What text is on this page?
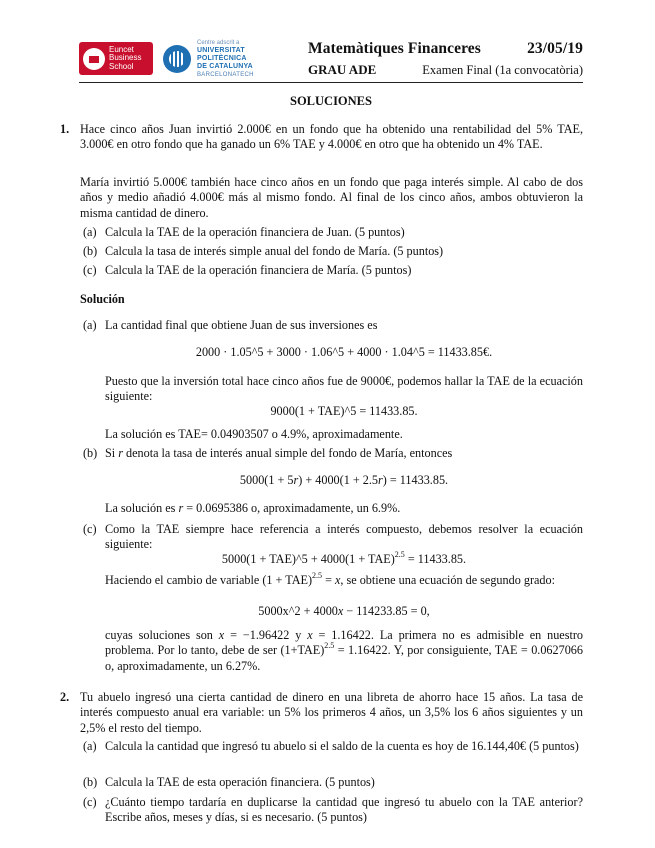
Euncet
Business
School
Centre adscrit a
UNIVERSITAT POLITÈCNICA
DE CATALUNYA
BARCELONATECH
Matemàtiques Financeres	23/05/19
GRAU ADE	Examen Final (1a convocatòria)
SOLUCIONES
1. Hace cinco años Juan invirtió 2.000€ en un fondo que ha obtenido una rentabilidad del 5% TAE, 3.000€ en otro fondo que ha ganado un 6% TAE y 4.000€ en otro que ha obtenido un 4% TAE.
María invirtió 5.000€ también hace cinco años en un fondo que paga interés simple. Al cabo de dos años y medio añadió 4.000€ más al mismo fondo. Al final de los cinco años, ambos obtuvieron la misma cantidad de dinero.
(a) Calcula la TAE de la operación financiera de Juan. (5 puntos)
(b) Calcula la tasa de interés simple anual del fondo de María. (5 puntos)
(c) Calcula la TAE de la operación financiera de María. (5 puntos)
Solución
(a) La cantidad final que obtiene Juan de sus inversiones es
2000 · 1.05^5 + 3000 · 1.06^5 + 4000 · 1.04^5 = 11433.85€.
Puesto que la inversión total hace cinco años fue de 9000€, podemos hallar la TAE de la ecuación siguiente:
9000(1 + TAE)^5 = 11433.85.
La solución es TAE= 0.04903507 o 4.9%, aproximadamente.
(b) Si r denota la tasa de interés anual simple del fondo de María, entonces
5000(1 + 5r) + 4000(1 + 2.5r) = 11433.85.
La solución es r = 0.0695386 o, aproximadamente, un 6.9%.
(c) Como la TAE siempre hace referencia a interés compuesto, debemos resolver la ecuación siguiente:
5000(1 + TAE)^5 + 4000(1 + TAE)$^{2.5}$ = 11433.85.
Haciendo el cambio de variable (1 + TAE)$^{2.5}$ = x, se obtiene una ecuación de segundo grado:
5000x^2 + 4000x − 114233.85 = 0,
cuyas soluciones son x = −1.96422 y x = 1.16422. La primera no es admisible en nuestro problema. Por lo tanto, debe de ser $(1+TAE)^{2.5} = 1.16422$. Y, por consiguiente, TAE = 0.0627066 o, aproximadamente, un 6.27%.
2. Tu abuelo ingresó una cierta cantidad de dinero en una libreta de ahorro hace 15 años. La tasa de interés compuesto anual era variable: un 5% los primeros 4 años, un 3,5% los 6 años siguientes y un 2,5% el resto del tiempo.
(a) Calcula la cantidad que ingresó tu abuelo si el saldo de la cuenta es hoy de 16.144,40€ (5 puntos)
(b) Calcula la TAE de esta operación financiera. (5 puntos)
(c) ¿Cuánto tiempo tardaría en duplicarse la cantidad que ingresó tu abuelo con la TAE anterior? Escribe años, meses y días, si es necesario. (5 puntos)
